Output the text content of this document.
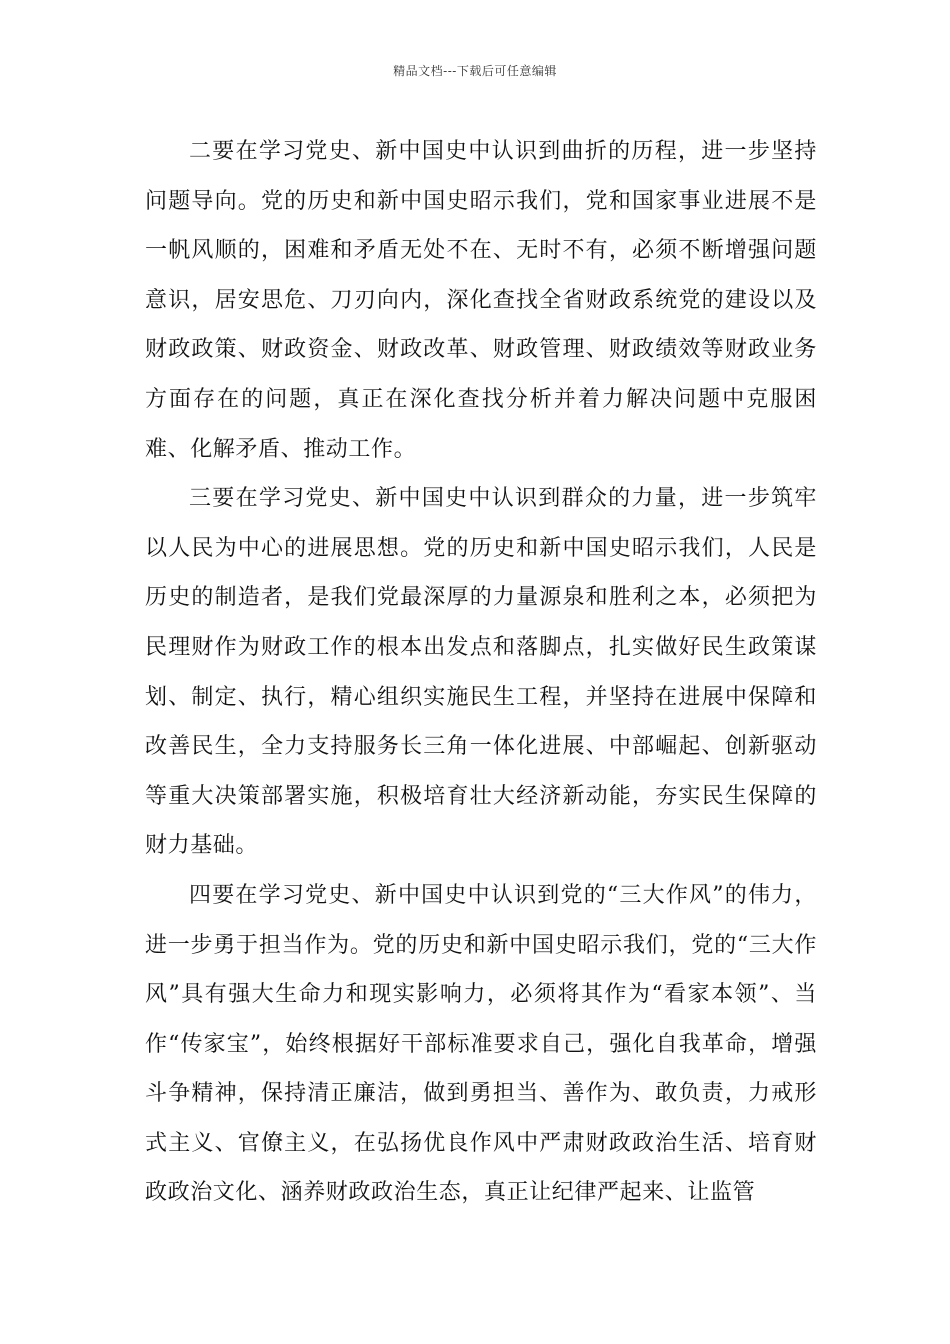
精品文档---下载后可任意编辑

二要在学习党史、新中国史中认识到曲折的历程，进一步坚持问题导向。党的历史和新中国史昭示我们，党和国家事业进展不是一帆风顺的，困难和矛盾无处不在、无时不有，必须不断增强问题意识，居安思危、刀刃向内，深化查找全省财政系统党的建设以及财政政策、财政资金、财政改革、财政管理、财政绩效等财政业务方面存在的问题，真正在深化查找分析并着力解决问题中克服困难、化解矛盾、推动工作。

三要在学习党史、新中国史中认识到群众的力量，进一步筑牢以人民为中心的进展思想。党的历史和新中国史昭示我们，人民是历史的制造者，是我们党最深厚的力量源泉和胜利之本，必须把为民理财作为财政工作的根本出发点和落脚点，扎实做好民生政策谋划、制定、执行，精心组织实施民生工程，并坚持在进展中保障和改善民生，全力支持服务长三角一体化进展、中部崛起、创新驱动等重大决策部署实施，积极培育壮大经济新动能，夯实民生保障的财力基础。

四要在学习党史、新中国史中认识到党的“三大作风”的伟力，进一步勇于担当作为。党的历史和新中国史昭示我们，党的“三大作风”具有强大生命力和现实影响力，必须将其作为“看家本领”、当作“传家宝”，始终根据好干部标准要求自己，强化自我革命，增强斗争精神，保持清正廉洁，做到勇担当、善作为、敢负责，力戒形式主义、官僚主义，在弘扬优良作风中严肃财政政治生活、培育财政政治文化、涵养财政政治生态，真正让纪律严起来、让监管
